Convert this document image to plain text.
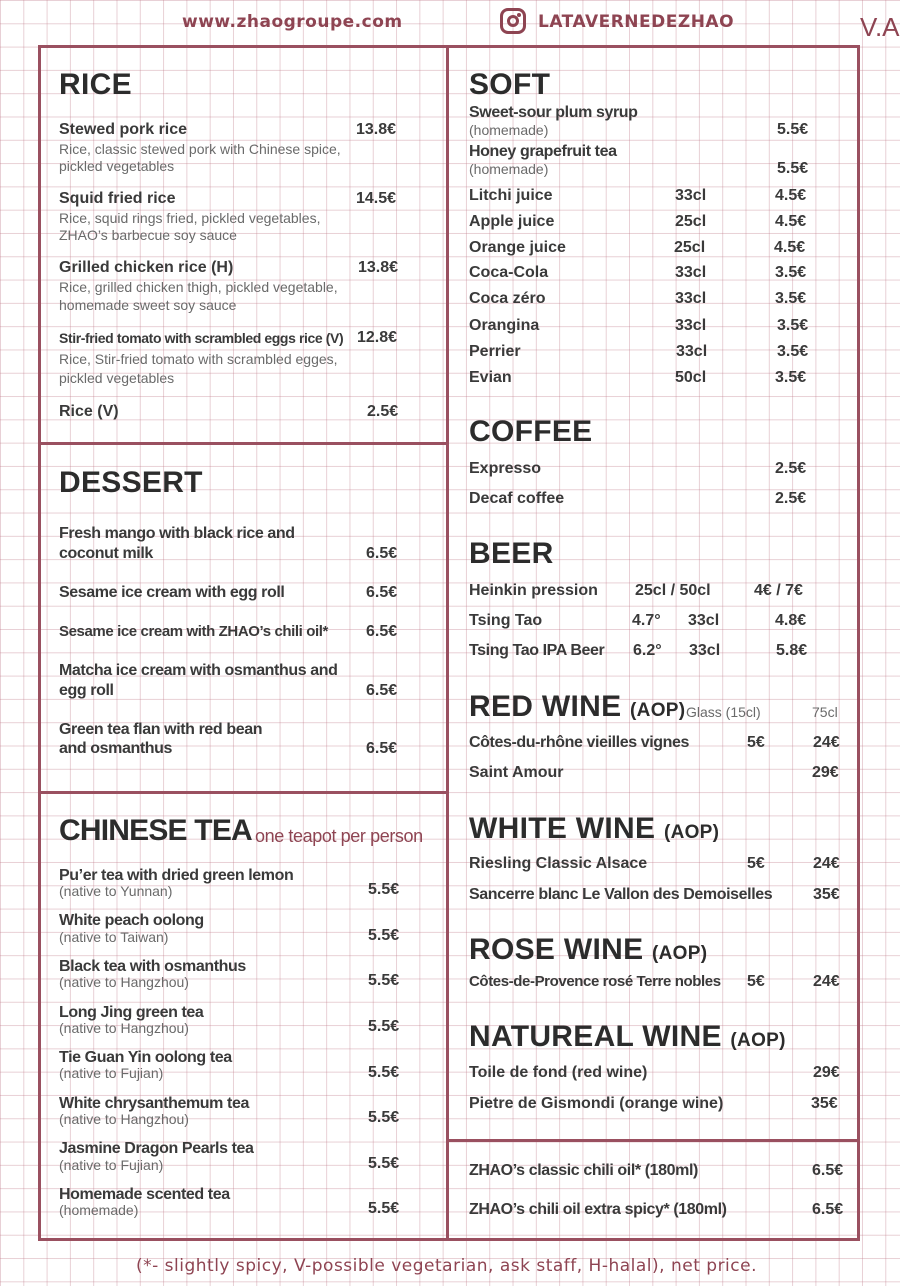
www.zhaogroupe.com	LATAVERNEDEZHAO	V.A
RICE
Stewed pork rice	13.8€
Rice, classic stewed pork with Chinese spice,
pickled vegetables
Squid fried rice	14.5€
Rice, squid rings fried, pickled vegetables,
ZHAO’s barbecue soy sauce
Grilled chicken rice (H)	13.8€
Rice, grilled chicken thigh, pickled vegetable,
homemade sweet soy sauce
Stir-fried tomato with scrambled eggs rice (V) 12.8€
Rice, Stir-fried tomato with scrambled egges,
pickled vegetables
Rice (V)	2.5€
DESSERT
Fresh mango with black rice and
coconut milk	6.5€
Sesame ice cream with egg roll	6.5€
Sesame ice cream with ZHAO’s chili oil* 6.5€
Matcha ice cream with osmanthus and
egg roll	6.5€
Green tea flan with red bean
and osmanthus	6.5€
CHINESE TEA one teapot per person
Pu’er tea with dried green lemon
(native to Yunnan)	5.5€
White peach oolong
(native to Taiwan)	5.5€
Black tea with osmanthus
(native to Hangzhou)	5.5€
Long Jing green tea
(native to Hangzhou)	5.5€
Tie Guan Yin oolong tea
(native to Fujian)	5.5€
White chrysanthemum tea
(native to Hangzhou)	5.5€
Jasmine Dragon Pearls tea
(native to Fujian)	5.5€
Homemade scented tea
(homemade)	5.5€
SOFT
Sweet-sour plum syrup
(homemade)	5.5€
Honey grapefruit tea
(homemade)	5.5€
Litchi juice	33cl	4.5€
Apple juice	25cl	4.5€
Orange juice	25cl	4.5€
Coca-Cola	33cl	3.5€
Coca zéro	33cl	3.5€
Orangina	33cl	3.5€
Perrier	33cl	3.5€
Evian	50cl	3.5€
COFFEE
Expresso	2.5€
Decaf coffee	2.5€
BEER
Heinkin pression 25cl / 50cl	4€ / 7€
Tsing Tao	4.7° 33cl	4.8€
Tsing Tao IPA Beer 6.2° 33cl	5.8€
RED WINE (AOP) Glass (15cl)	75cl
Côtes-du-rhône vieilles vignes	5€	24€
Saint Amour	29€
WHITE WINE (AOP)
Riesling Classic Alsace	5€	24€
Sancerre blanc Le Vallon des Demoiselles	35€
ROSE WINE (AOP)
Côtes-de-Provence rosé Terre nobles 5€	24€
NATUREAL WINE (AOP)
Toile de fond (red wine)	29€
Pietre de Gismondi (orange wine)	35€
ZHAO’s classic chili oil* (180ml)	6.5€
ZHAO’s chili oil extra spicy* (180ml)	6.5€
(*- slightly spicy, V-possible vegetarian, ask staff, H-halal), net price.
